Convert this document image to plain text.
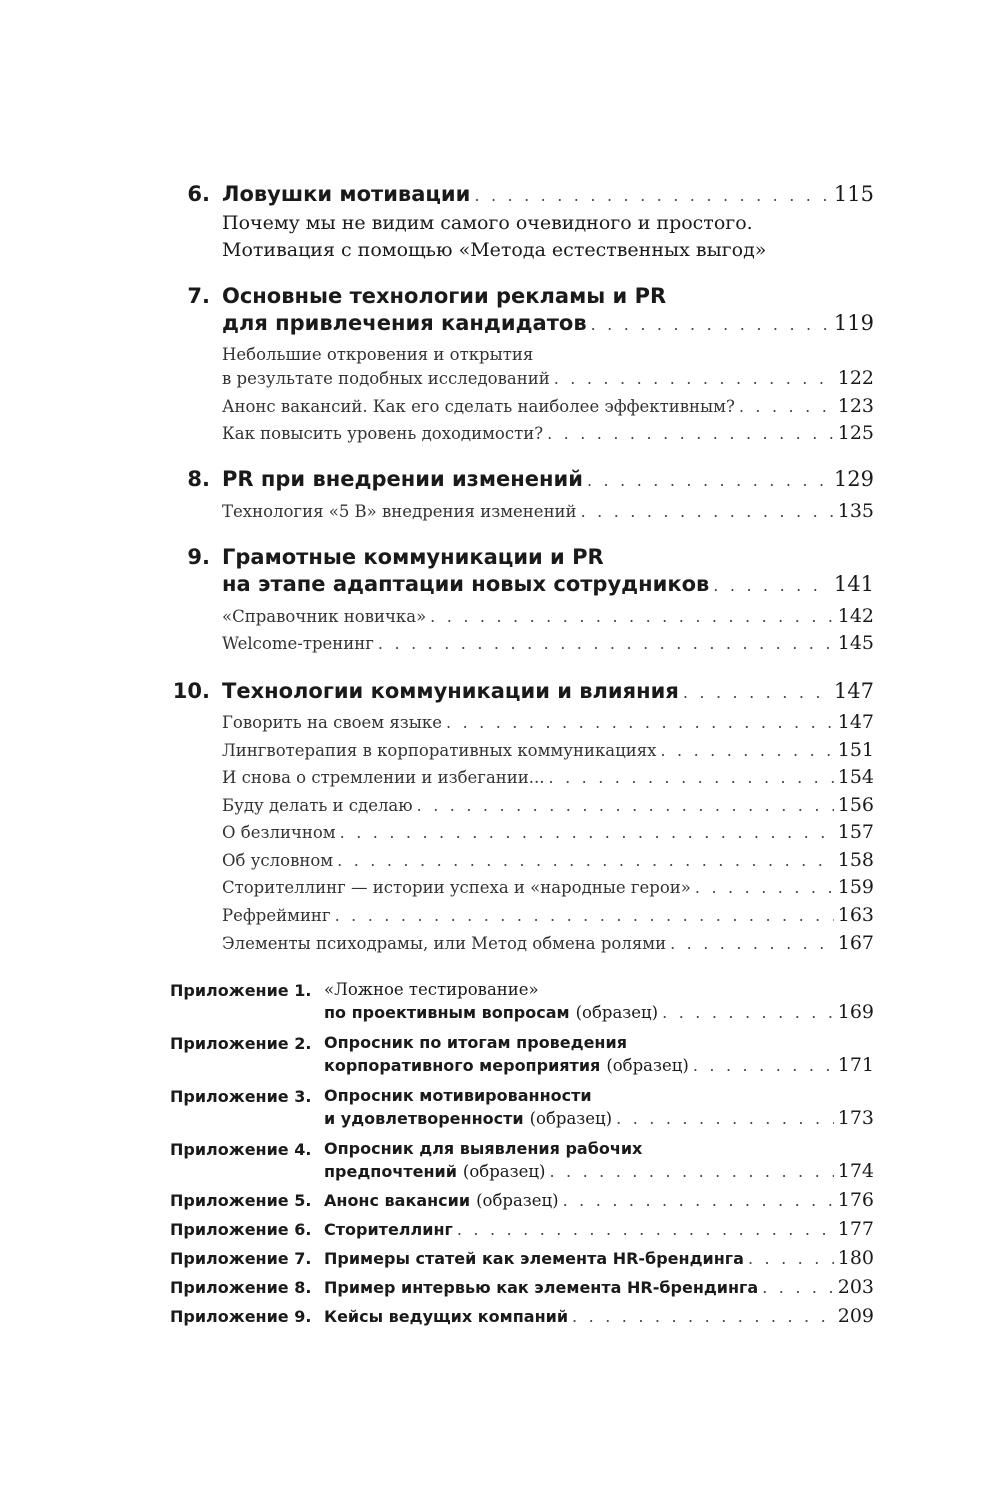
6. Ловушки мотивации . . .	115
Почему мы не видим самого очевидного и простого.
Мотивация с помощью «Метода естественных выгод»
7. Основные технологии рекламы и PR
для привлечения кандидатов . . .	119
Небольшие откровения и открытия
в результате подобных исследований . . .	122
Анонс вакансий. Как его сделать наиболее эффективным? . . .	123
Как повысить уровень доходимости? . . .	125
8. PR при внедрении изменений . . .	129
Технология «5 В» внедрения изменений . . .	135
9. Грамотные коммуникации и PR
на этапе адаптации новых сотрудников . . .	141
«Справочник новичка» . . .	142
Welcome-тренинг . . .	145
10. Технологии коммуникации и влияния . . .	147
Говорить на своем языке . . .	147
Лингвотерапия в корпоративных коммуникациях . . .	151
И снова о стремлении и избегании... . . .	154
Буду делать и сделаю . . .	156
О безличном . . .	157
Об условном . . .	158
Сторителлинг — истории успеха и «народные герои» . . .	159
Рефрейминг . . .	163
Элементы психодрамы, или Метод обмена ролями . . .	167
Приложение 1. «Ложное тестирование»
по проективным вопросам (образец) . . .	169
Приложение 2. Опросник по итогам проведения
корпоративного мероприятия (образец) . . .	171
Приложение 3. Опросник мотивированности
и удовлетворенности (образец) . . .	173
Приложение 4. Опросник для выявления рабочих
предпочтений (образец) . . .	174
Приложение 5. Анонс вакансии (образец) . . .	176
Приложение 6. Сторителлинг . . .	177
Приложение 7. Примеры статей как элемента HR-брендинга . . .	180
Приложение 8. Пример интервью как элемента HR-брендинга . . .	203
Приложение 9. Кейсы ведущих компаний . . .	209
